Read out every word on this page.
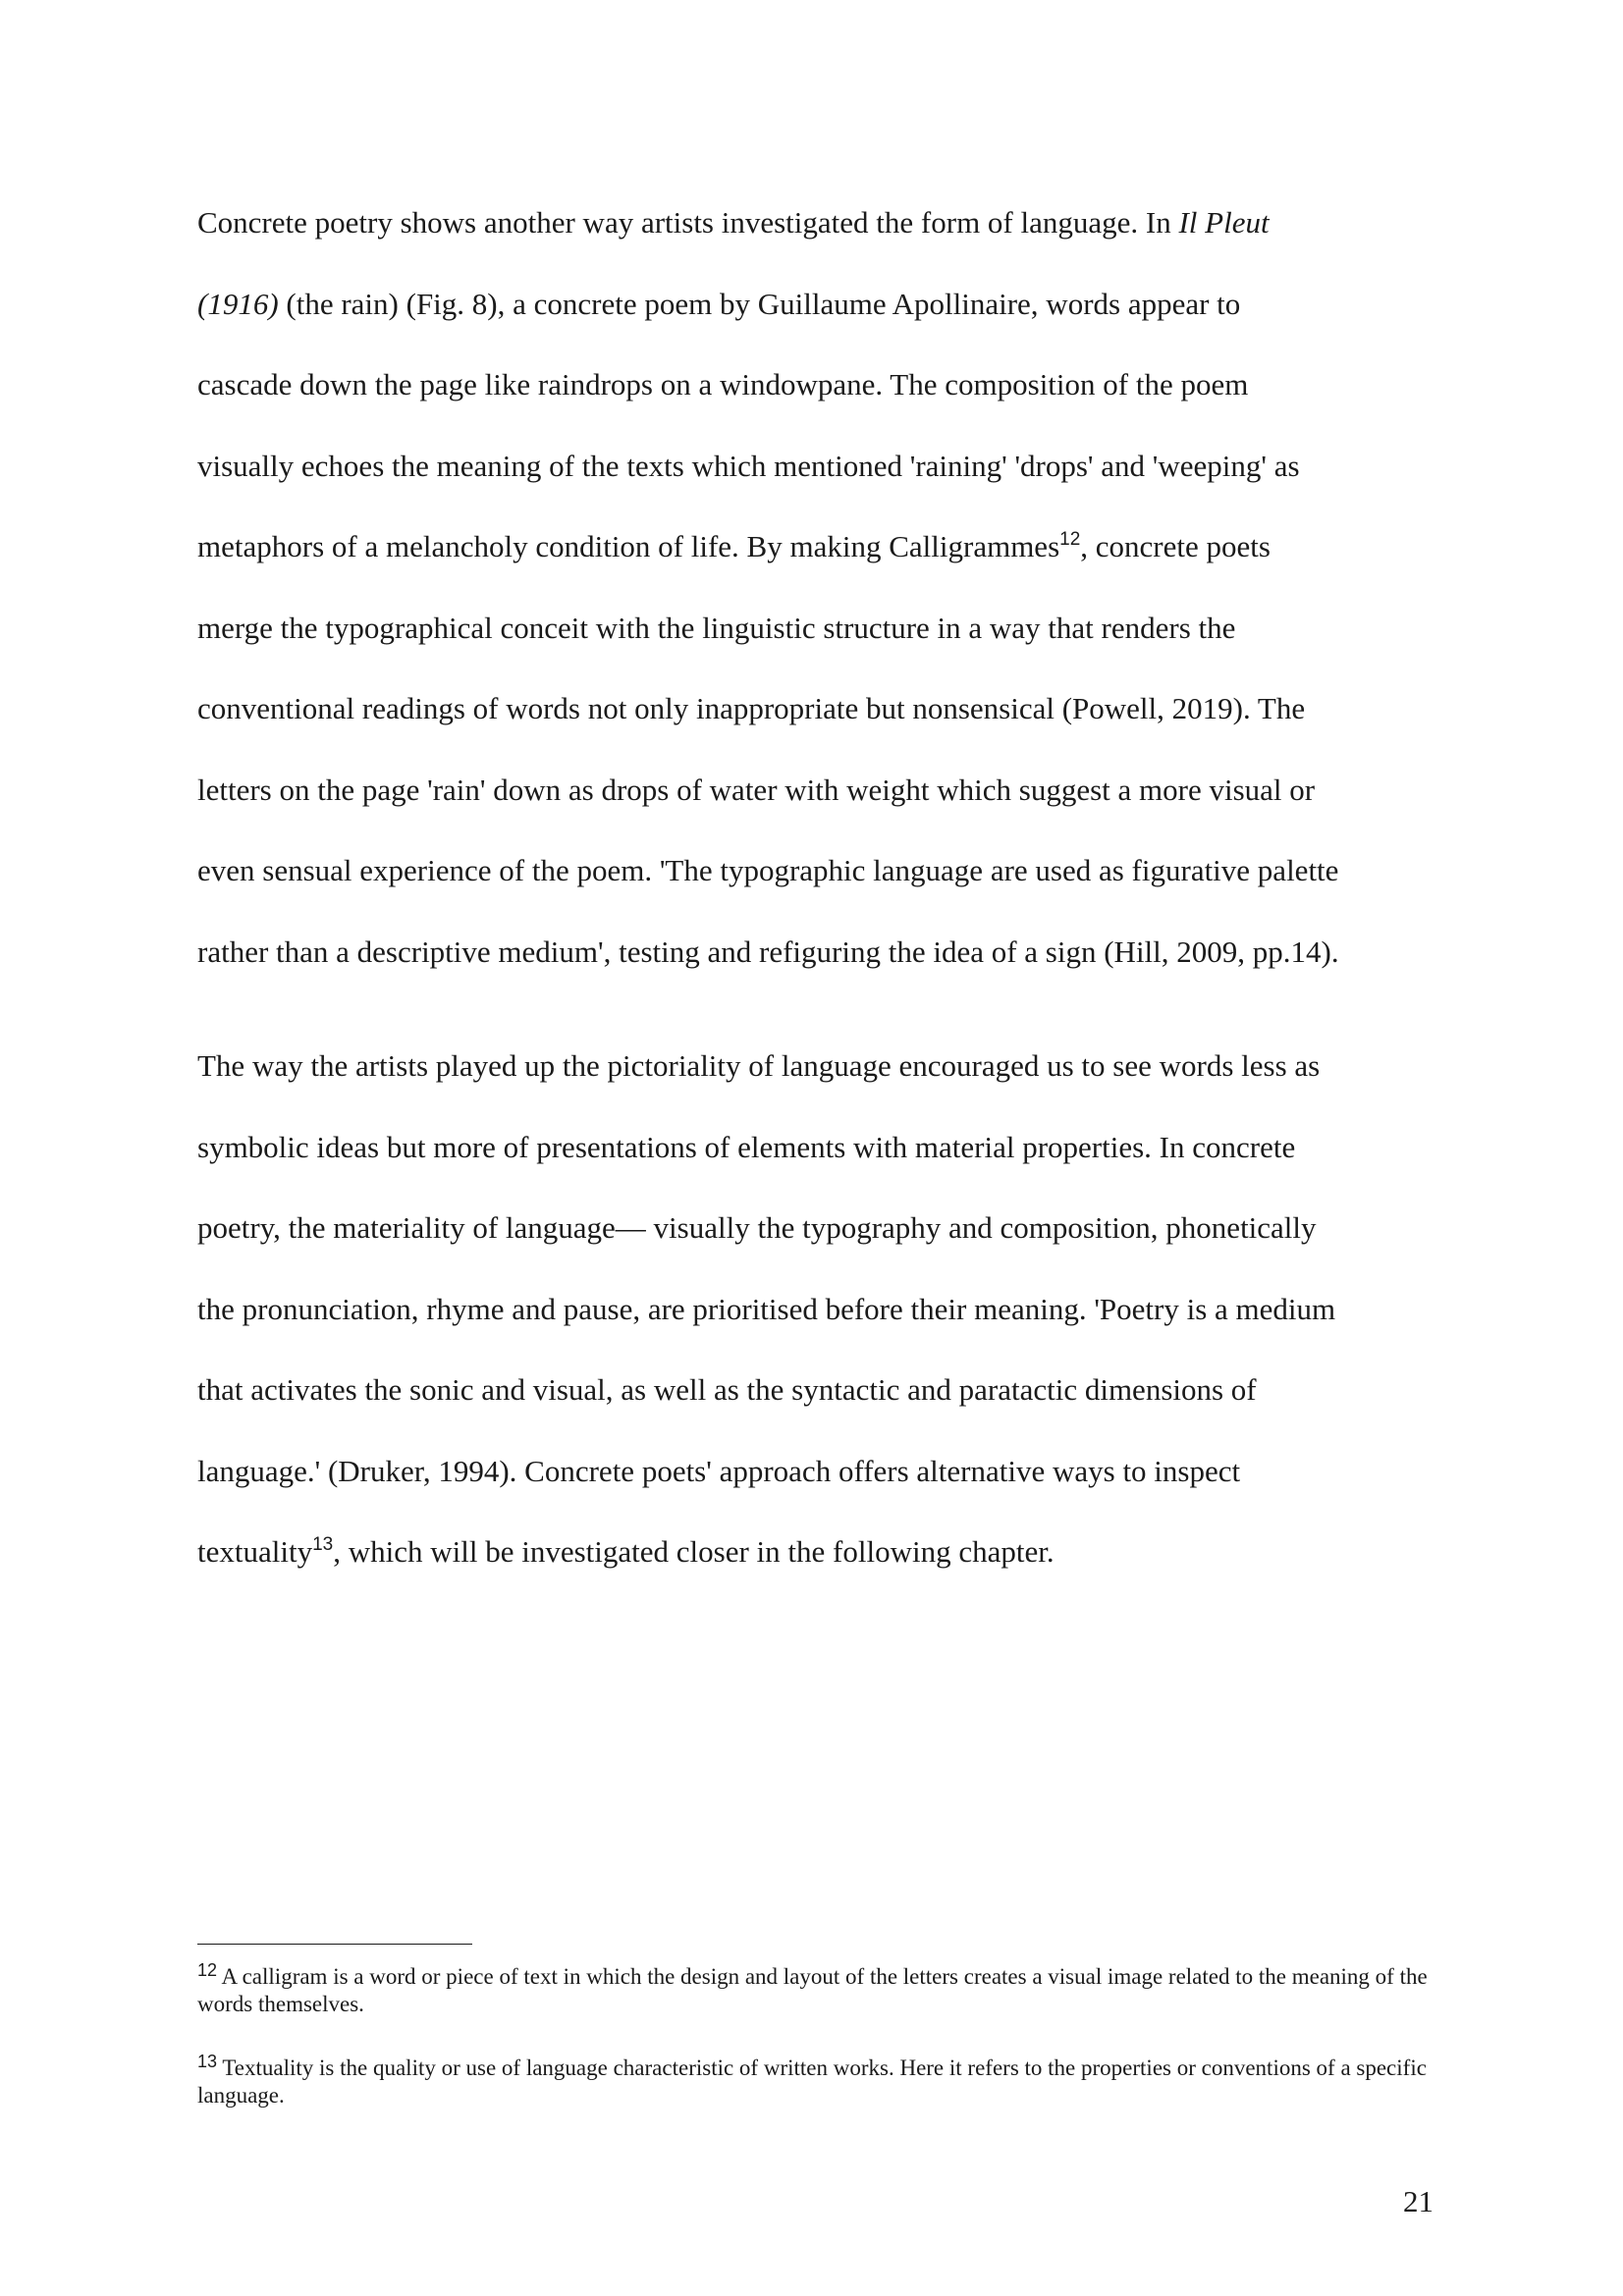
Concrete poetry shows another way artists investigated the form of language. In Il Pleut
(1916) (the rain) (Fig. 8), a concrete poem by Guillaume Apollinaire, words appear to
cascade down the page like raindrops on a windowpane. The composition of the poem
visually echoes the meaning of the texts which mentioned 'raining' 'drops' and 'weeping' as
metaphors of a melancholy condition of life. By making Calligrammes$^{12}$, concrete poets
merge the typographical conceit with the linguistic structure in a way that renders the
conventional readings of words not only inappropriate but nonsensical (Powell, 2019). The
letters on the page 'rain' down as drops of water with weight which suggest a more visual or
even sensual experience of the poem. 'The typographic language are used as figurative palette
rather than a descriptive medium', testing and refiguring the idea of a sign (Hill, 2009, pp.14).
The way the artists played up the pictoriality of language encouraged us to see words less as
symbolic ideas but more of presentations of elements with material properties. In concrete
poetry, the materiality of language— visually the typography and composition, phonetically
the pronunciation, rhyme and pause, are prioritised before their meaning. 'Poetry is a medium
that activates the sonic and visual, as well as the syntactic and paratactic dimensions of
language.' (Druker, 1994). Concrete poets' approach offers alternative ways to inspect
textuality$^{13}$, which will be investigated closer in the following chapter.

$^{12}$ A calligram is a word or piece of text in which the design and layout of the letters creates a visual image related to the meaning of the words themselves.

$^{13}$ Textuality is the quality or use of language characteristic of written works. Here it refers to the properties or conventions of a specific language.

21
